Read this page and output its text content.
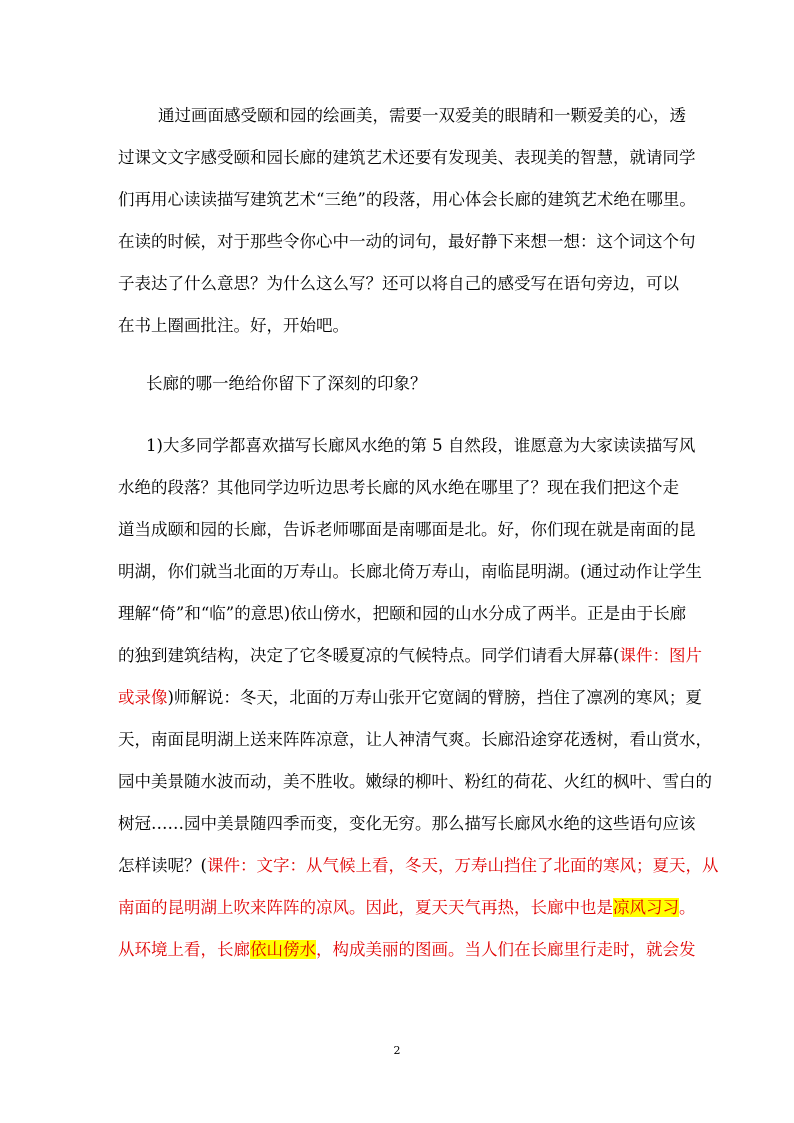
通过画面感受颐和园的绘画美，需要一双爱美的眼睛和一颗爱美的心，透
过课文文字感受颐和园长廊的建筑艺术还要有发现美、表现美的智慧，就请同学
们再用心读读描写建筑艺术“三绝”的段落，用心体会长廊的建筑艺术绝在哪里。
在读的时候，对于那些令你心中一动的词句，最好静下来想一想：这个词这个句
子表达了什么意思？为什么这么写？还可以将自己的感受写在语句旁边，可以
在书上圈画批注。好，开始吧。
长廊的哪一绝给你留下了深刻的印象？
1)大多同学都喜欢描写长廊风水绝的第 5 自然段，谁愿意为大家读读描写风
水绝的段落？其他同学边听边思考长廊的风水绝在哪里了？现在我们把这个走
道当成颐和园的长廊，告诉老师哪面是南哪面是北。好，你们现在就是南面的昆
明湖，你们就当北面的万寿山。长廊北倚万寿山，南临昆明湖。(通过动作让学生
理解“倚”和“临”的意思)依山傍水，把颐和园的山水分成了两半。正是由于长廊
的独到建筑结构，决定了它冬暖夏凉的气候特点。同学们请看大屏幕(课件：图片
或录像)师解说：冬天，北面的万寿山张开它宽阔的臂膀，挡住了凛冽的寒风；夏
天，南面昆明湖上送来阵阵凉意，让人神清气爽。长廊沿途穿花透树，看山赏水，
园中美景随水波而动，美不胜收。嫩绿的柳叶、粉红的荷花、火红的枫叶、雪白的
树冠……园中美景随四季而变，变化无穷。那么描写长廊风水绝的这些语句应该
怎样读呢？(课件：文字：从气候上看，冬天，万寿山挡住了北面的寒风；夏天，从
南面的昆明湖上吹来阵阵的凉风。因此，夏天天气再热，长廊中也是凉风习习。
从环境上看，长廊依山傍水，构成美丽的图画。当人们在长廊里行走时，就会发
2
